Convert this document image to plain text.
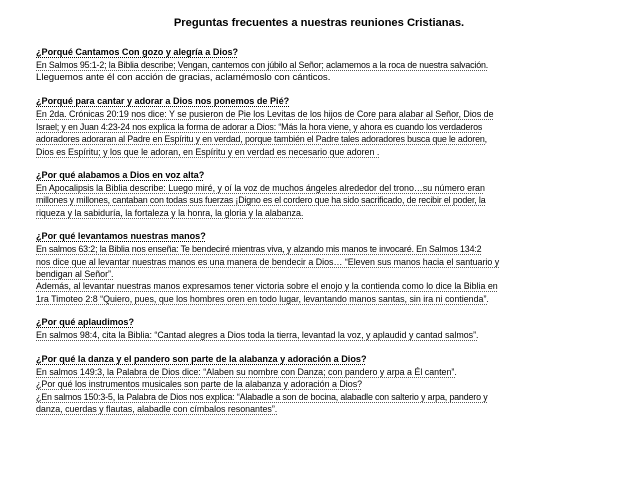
Preguntas frecuentes a nuestras reuniones Cristianas.
¿Porqué Cantamos Con gozo y alegría a Dios?
En Salmos 95:1-2; la Biblia describe; Vengan, cantemos con júbilo al Señor; aclamemos a la roca de nuestra salvación.
Lleguemos ante él con acción de gracias, aclamémoslo con cánticos.
¿Porqué para cantar y adorar a Dios nos ponemos de Pié?
En 2da. Crónicas 20:19 nos dice: Y se pusieron de Pie los Levitas de los hijos de Core para alabar al Señor, Dios de
Israel; y en Juan 4:23-24 nos explica la forma de adorar a Dios: “Más la hora viene, y ahora es cuando los verdaderos
adoradores adoraran al Padre en Espíritu y en verdad, porque también el Padre tales adoradores busca que le adoren,
Dios es Espíritu; y los que le adoran, en Espíritu y en verdad es necesario que adoren .
¿Por qué alabamos a Dios en voz alta?
En Apocalipsis la Biblia describe: Luego miré, y oí la voz de muchos ángeles alrededor del trono…su número eran
millones y millones, cantaban con todas sus fuerzas ¡Digno es el cordero que ha sido sacrificado, de recibir el poder, la
riqueza y la sabiduría, la fortaleza y la honra, la gloria y la alabanza.
¿Por qué levantamos nuestras manos?
En salmos 63:2; la Biblia nos enseña: Te bendeciré mientras viva, y alzando mis manos te invocaré. En Salmos 134:2
nos dice que al levantar nuestras manos es una manera de bendecir a Dios… “Eleven sus manos hacia el santuario y
bendigan al Señor”.
Además, al levantar nuestras manos expresamos tener victoria sobre el enojo y la contienda como lo dice la Biblia en
1ra Timoteo 2:8 “Quiero, pues, que los hombres oren en todo lugar, levantando manos santas, sin ira ni contienda”.
¿Por qué aplaudimos?
En salmos 98:4, cita la Biblia: “Cantad alegres a Dios toda la tierra, levantad la voz, y aplaudid y cantad salmos”.
¿Por qué la danza y el pandero son parte de la alabanza y adoración a Dios?
En salmos 149:3, la Palabra de Dios dice: “Alaben su nombre con Danza; con pandero y arpa a Él canten”.
¿Por qué los instrumentos musicales son parte de la alabanza y adoración a Dios?
¿En salmos 150:3-5, la Palabra de Dios nos explica: “Alabadle a son de bocina, alabadle con salterio y arpa, pandero y
danza, cuerdas y flautas, alabadle con címbalos resonantes”.
